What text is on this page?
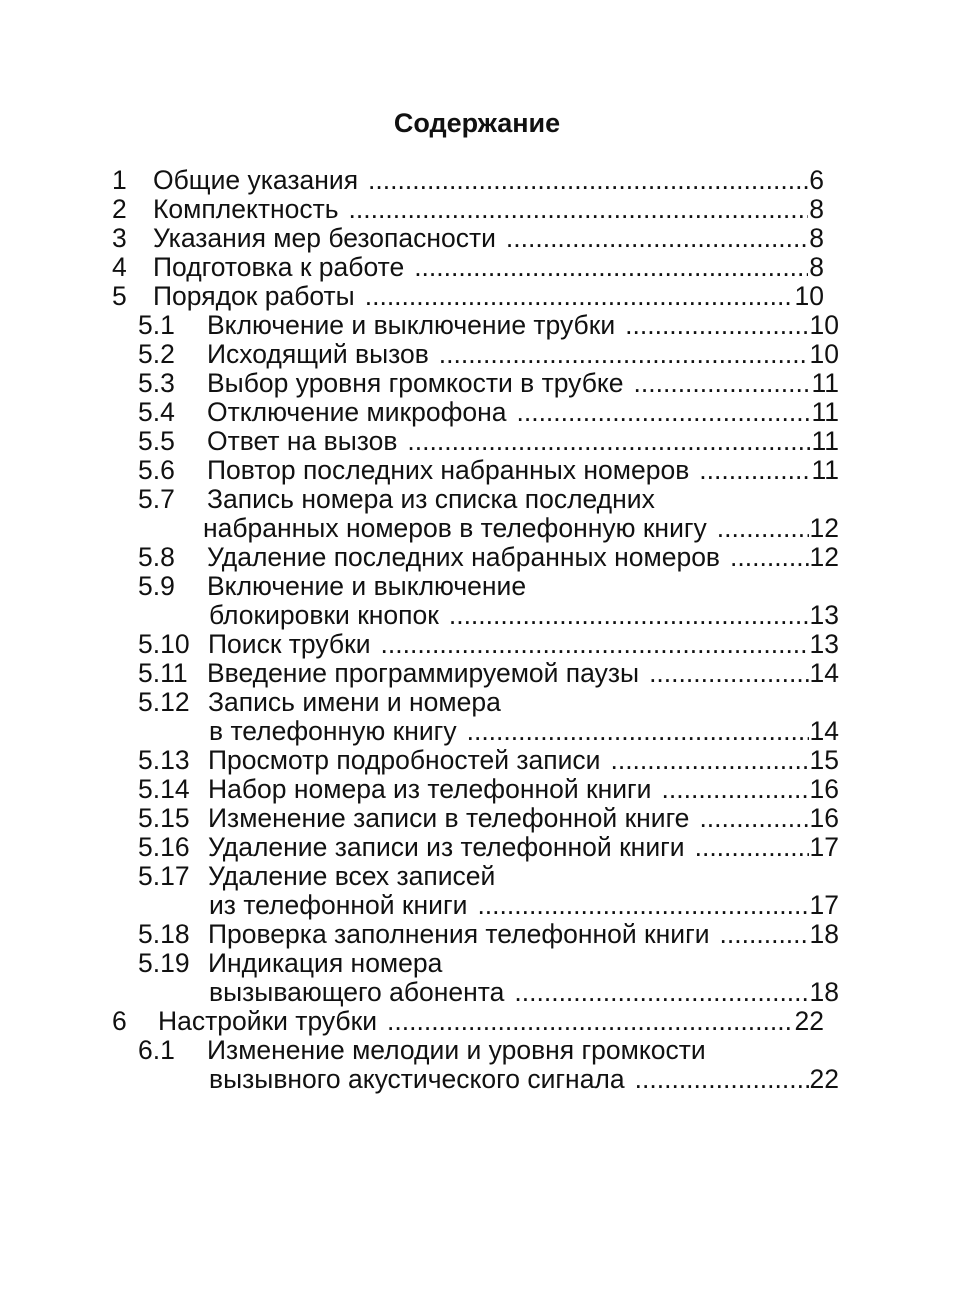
Содержание
1 Общие указания .....	6
2 Комплектность .....	8
3 Указания мер безопасности .....	8
4 Подготовка к работе .....	8
5 Порядок работы .....	10
5.1 Включение и выключение трубки .....	10
5.2 Исходящий вызов .....	10
5.3 Выбор уровня громкости в трубке .....	11
5.4 Отключение микрофона .....	11
5.5 Ответ на вызов .....	11
5.6 Повтор последних набранных номеров .....	11
5.7 Запись номера из списка последних
набранных номеров в телефонную книгу .....	12
5.8 Удаление последних набранных номеров .....	12
5.9 Включение и выключение
блокировки кнопок .....	13
5.10 Поиск трубки .....	13
5.11 Введение программируемой паузы .....	14
5.12 Запись имени и номера
в телефонную книгу .....	14
5.13 Просмотр подробностей записи .....	15
5.14 Набор номера из телефонной книги .....	16
5.15 Изменение записи в телефонной книге .....	16
5.16 Удаление записи из телефонной книги .....	17
5.17 Удаление всех записей
из телефонной книги .....	17
5.18 Проверка заполнения телефонной книги .....	18
5.19 Индикация номера
вызывающего абонента .....	18
6 Настройки трубки .....	22
6.1 Изменение мелодии и уровня громкости
вызывного акустического сигнала .....	22
